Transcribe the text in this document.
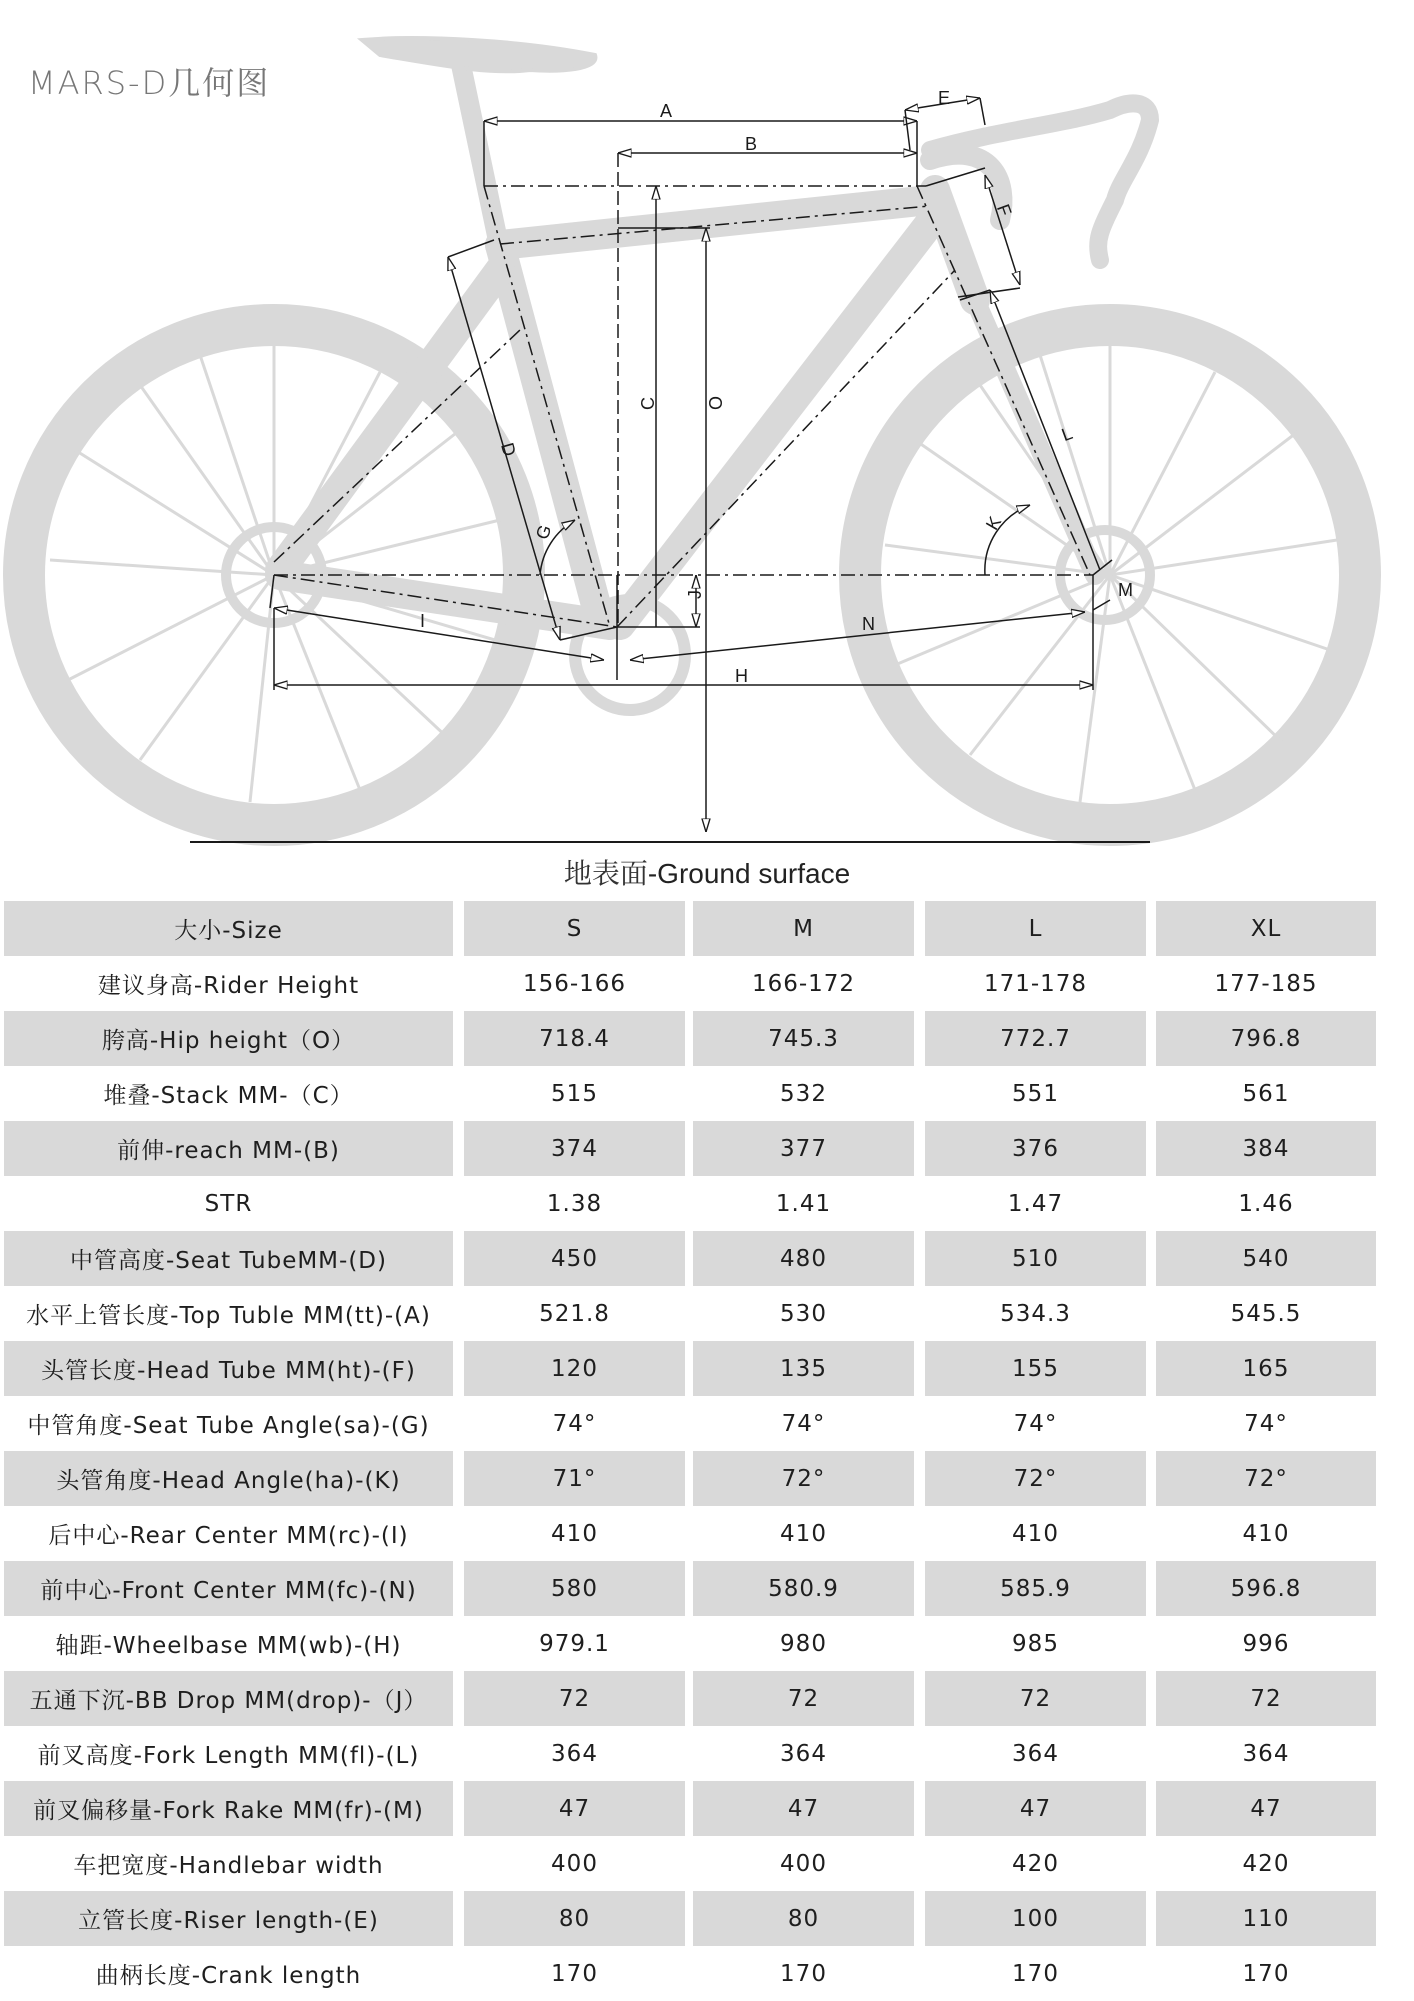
MARS-D几何图
A
B
E
F
C	O
D
G	K
L
J
I	N
M
H
地表面-Ground surface
大小-Size	S	M	L	XL

建议身高-Rider Height	156-166	166-172	171-178	177-185

胯高-Hip height（O）	718.4	745.3	772.7	796.8

堆叠-Stack MM-（C）	515	532	551	561

前伸-reach MM-(B)	374	377	376	384

STR	1.38	1.41	1.47	1.46

中管高度-Seat TubeMM-(D)	450	480	510	540

水平上管长度-Top Tuble MM(tt)-(A)	521.8	530	534.3	545.5

头管长度-Head Tube MM(ht)-(F)	120	135	155	165

中管角度-Seat Tube Angle(sa)-(G)	74°	74°	74°	74°

头管角度-Head Angle(ha)-(K)	71°	72°	72°	72°

后中心-Rear Center MM(rc)-(I)	410	410	410	410

前中心-Front Center MM(fc)-(N)	580	580.9	585.9	596.8

轴距-Wheelbase MM(wb)-(H)	979.1	980	985	996

五通下沉-BB Drop MM(drop)-（J）	72	72	72	72

前叉高度-Fork Length MM(fl)-(L)	364	364	364	364

前叉偏移量-Fork Rake MM(fr)-(M)	47	47	47	47

车把宽度-Handlebar width	400	400	420	420

立管长度-Riser length-(E)	80	80	100	110

曲柄长度-Crank length	170	170	170	170
